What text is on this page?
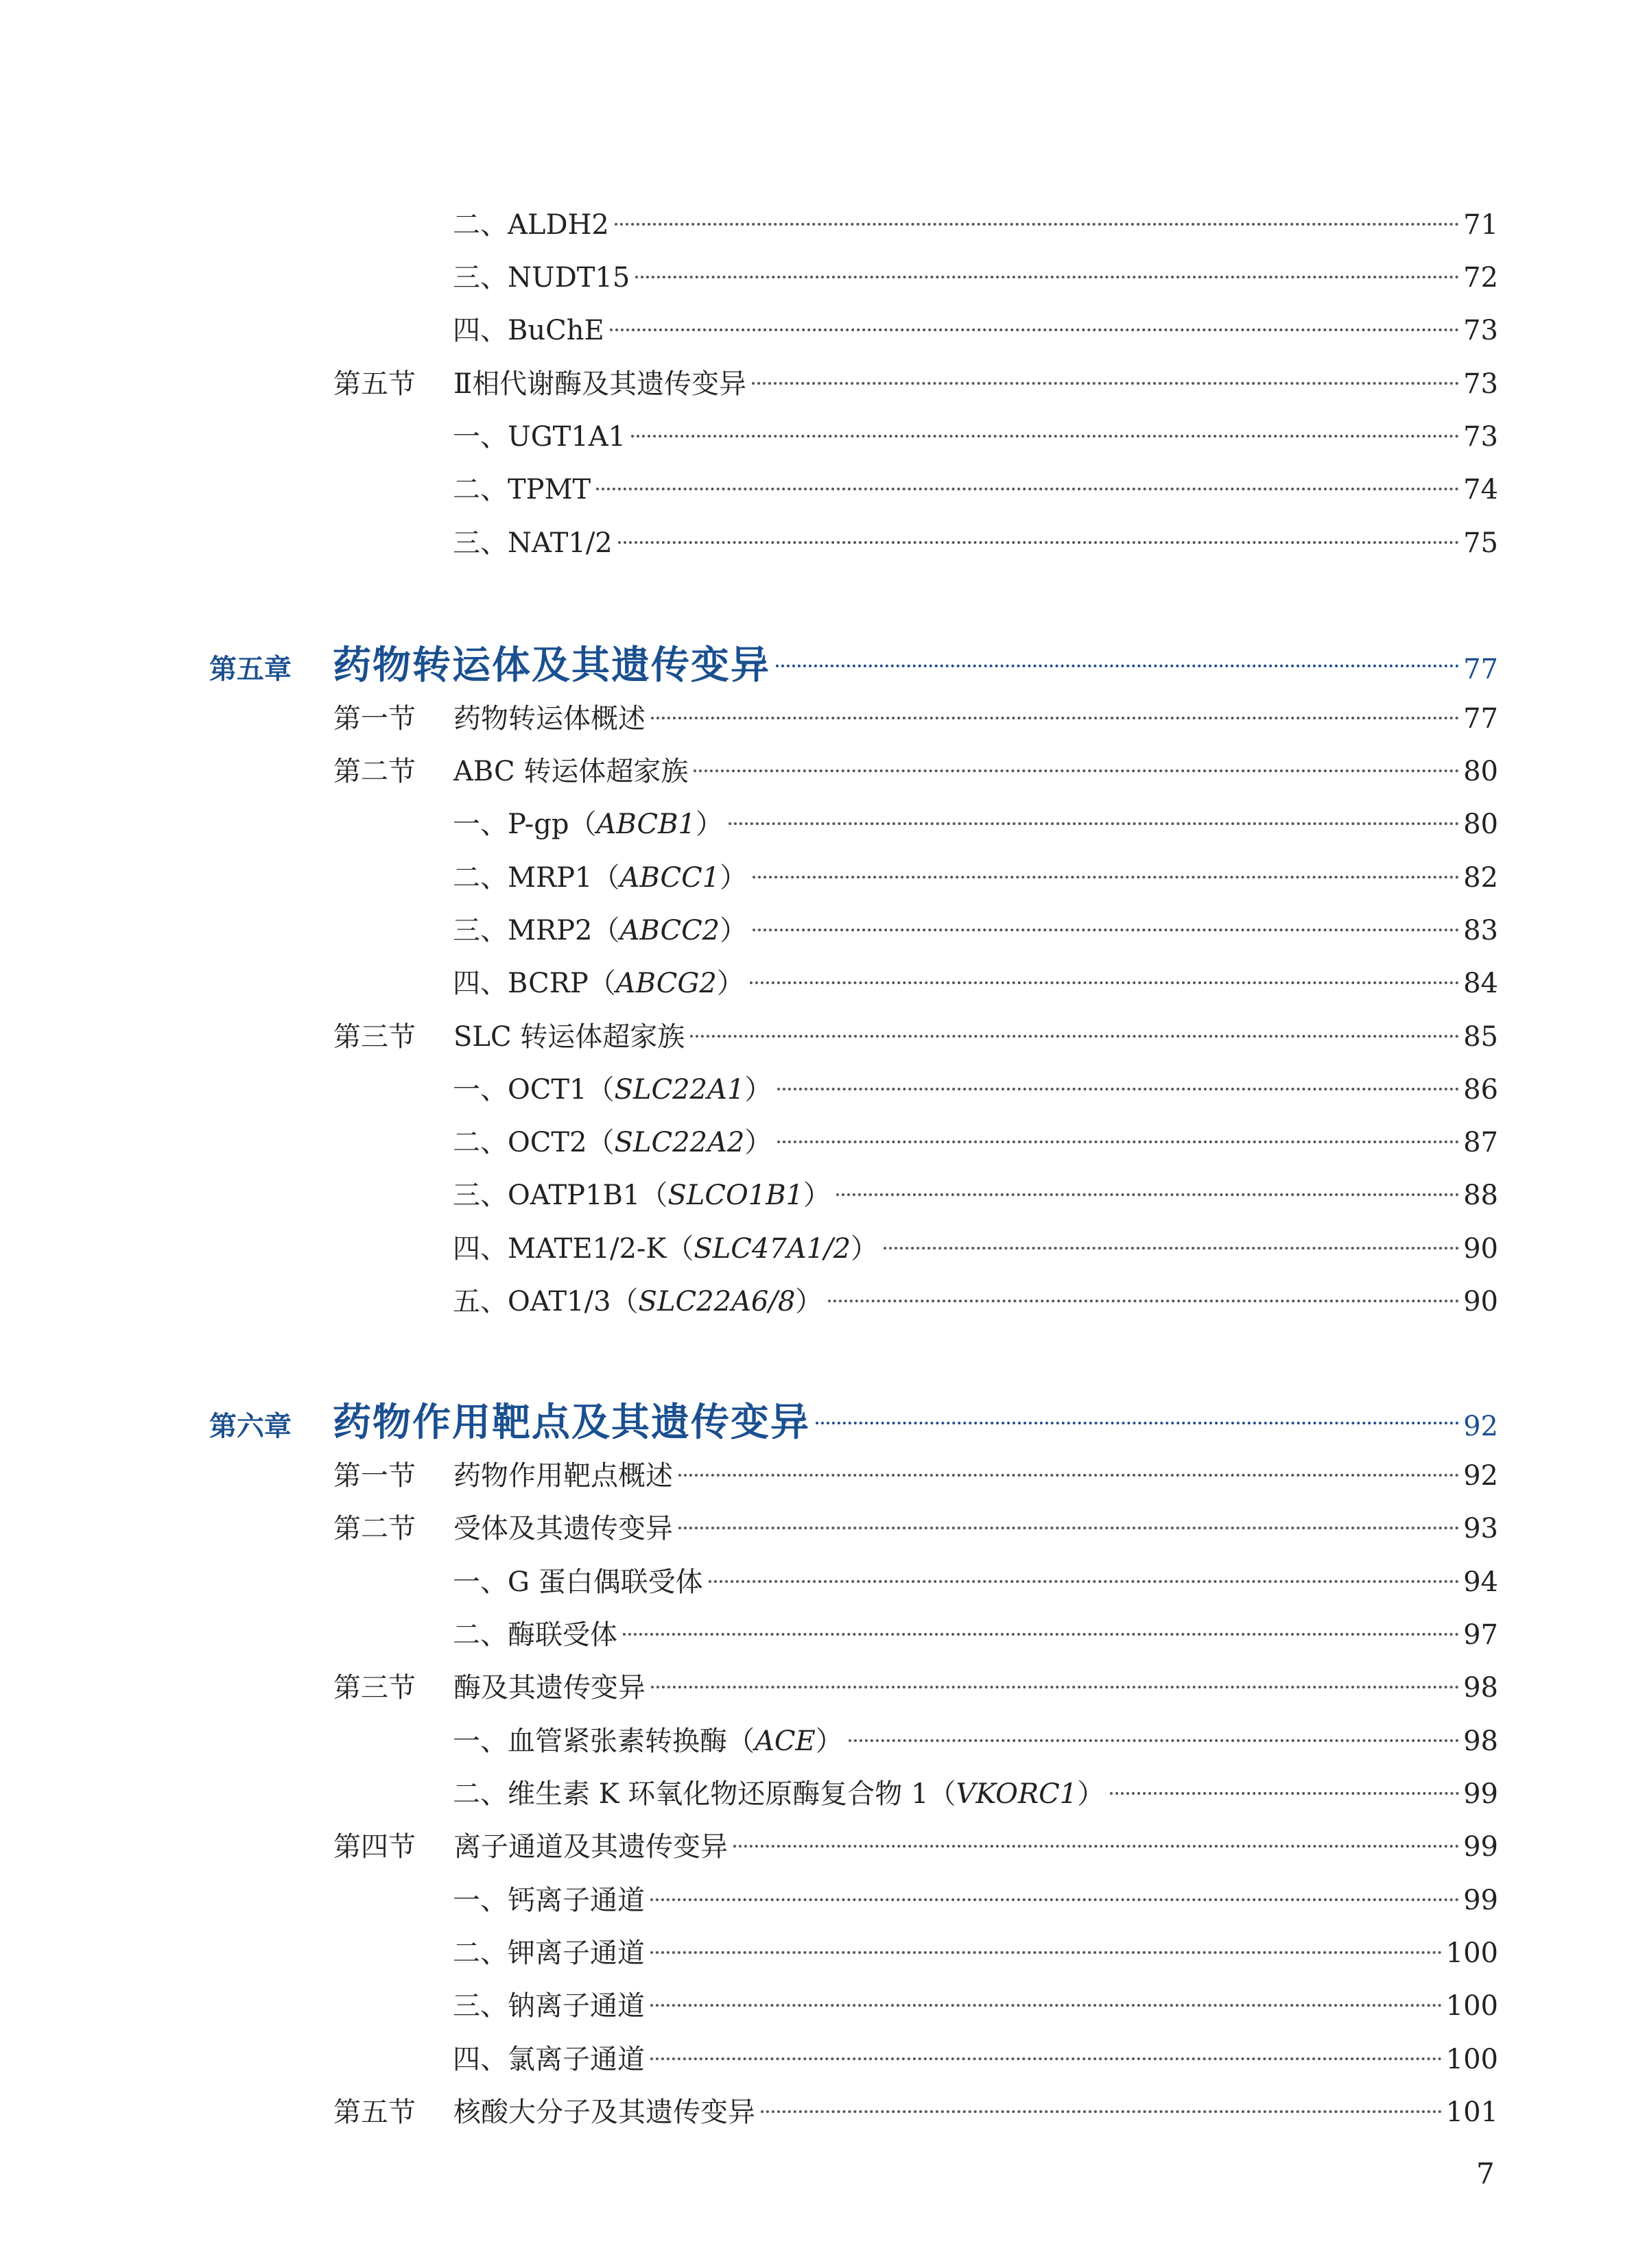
二、ALDH2	71
三、NUDT15	72
四、BuChE	73
第五节	Ⅱ相代谢酶及其遗传变异	73
一、UGT1A1	73
二、TPMT	74
三、NAT1/2	75
第五章	药物转运体及其遗传变异	77
第一节	药物转运体概述	77
第二节	ABC 转运体超家族	80
一、P-gp（ABCB1）	80
二、MRP1（ABCC1）	82
三、MRP2（ABCC2）	83
四、BCRP（ABCG2）	84
第三节	SLC 转运体超家族	85
一、OCT1（SLC22A1）	86
二、OCT2（SLC22A2）	87
三、OATP1B1（SLCO1B1）	88
四、MATE1/2-K（SLC47A1/2）	90
五、OAT1/3（SLC22A6/8）	90
第六章	药物作用靶点及其遗传变异	92
第一节	药物作用靶点概述	92
第二节	受体及其遗传变异	93
一、G 蛋白偶联受体	94
二、酶联受体	97
第三节	酶及其遗传变异	98
一、血管紧张素转换酶（ACE）	98
二、维生素 K 环氧化物还原酶复合物 1（VKORC1）	99
第四节	离子通道及其遗传变异	99
一、钙离子通道	99
二、钾离子通道	100
三、钠离子通道	100
四、氯离子通道	100
第五节	核酸大分子及其遗传变异	101
7
